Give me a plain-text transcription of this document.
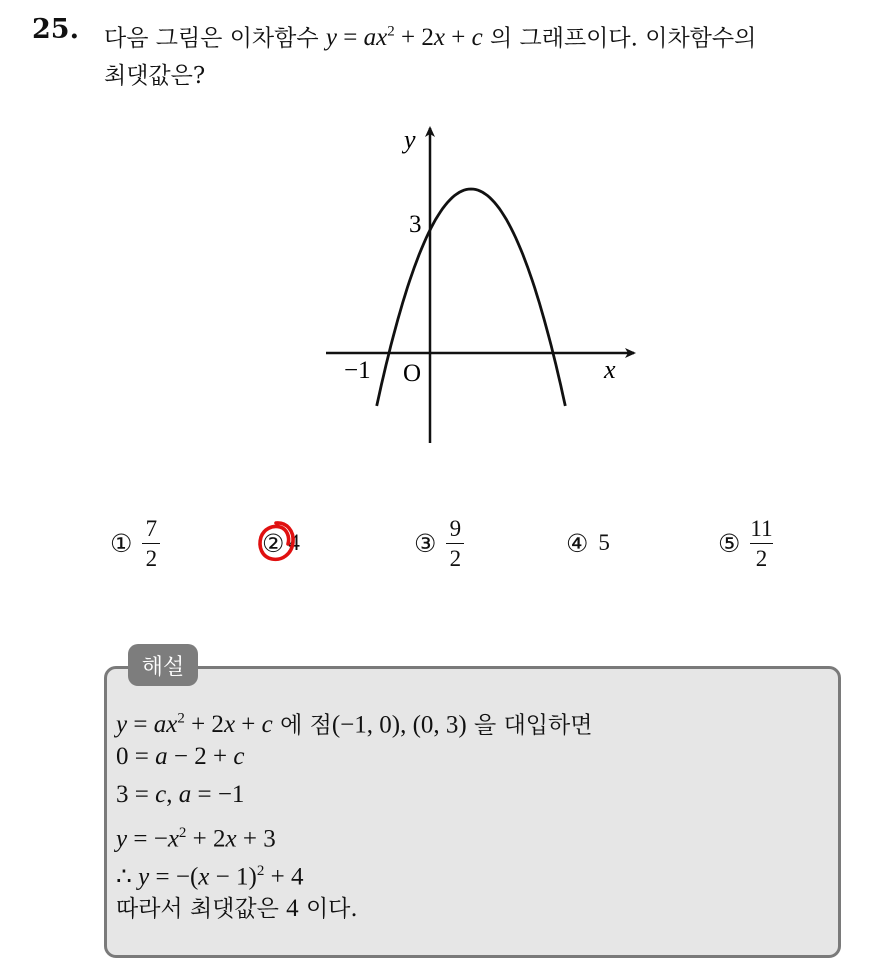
25. 다음 그림은 이차함수 $y = ax^2 + 2x + c$ 의 그래프이다. 이차함수의
최댓값은?
y
x
O
3
−1
① $\frac{7}{2}$	② 4	③ $\frac{9}{2}$	④ 5	⑤ $\frac{11}{2}$
해설
$y = ax^2 + 2x + c$ 에 점(−1, 0), (0, 3) 을 대입하면
0 = a − 2 + c
3 = c, a = −1
$y = -x^2 + 2x + 3$
∴ $y = -(x - 1)^2 + 4$
따라서 최댓값은 4 이다.
